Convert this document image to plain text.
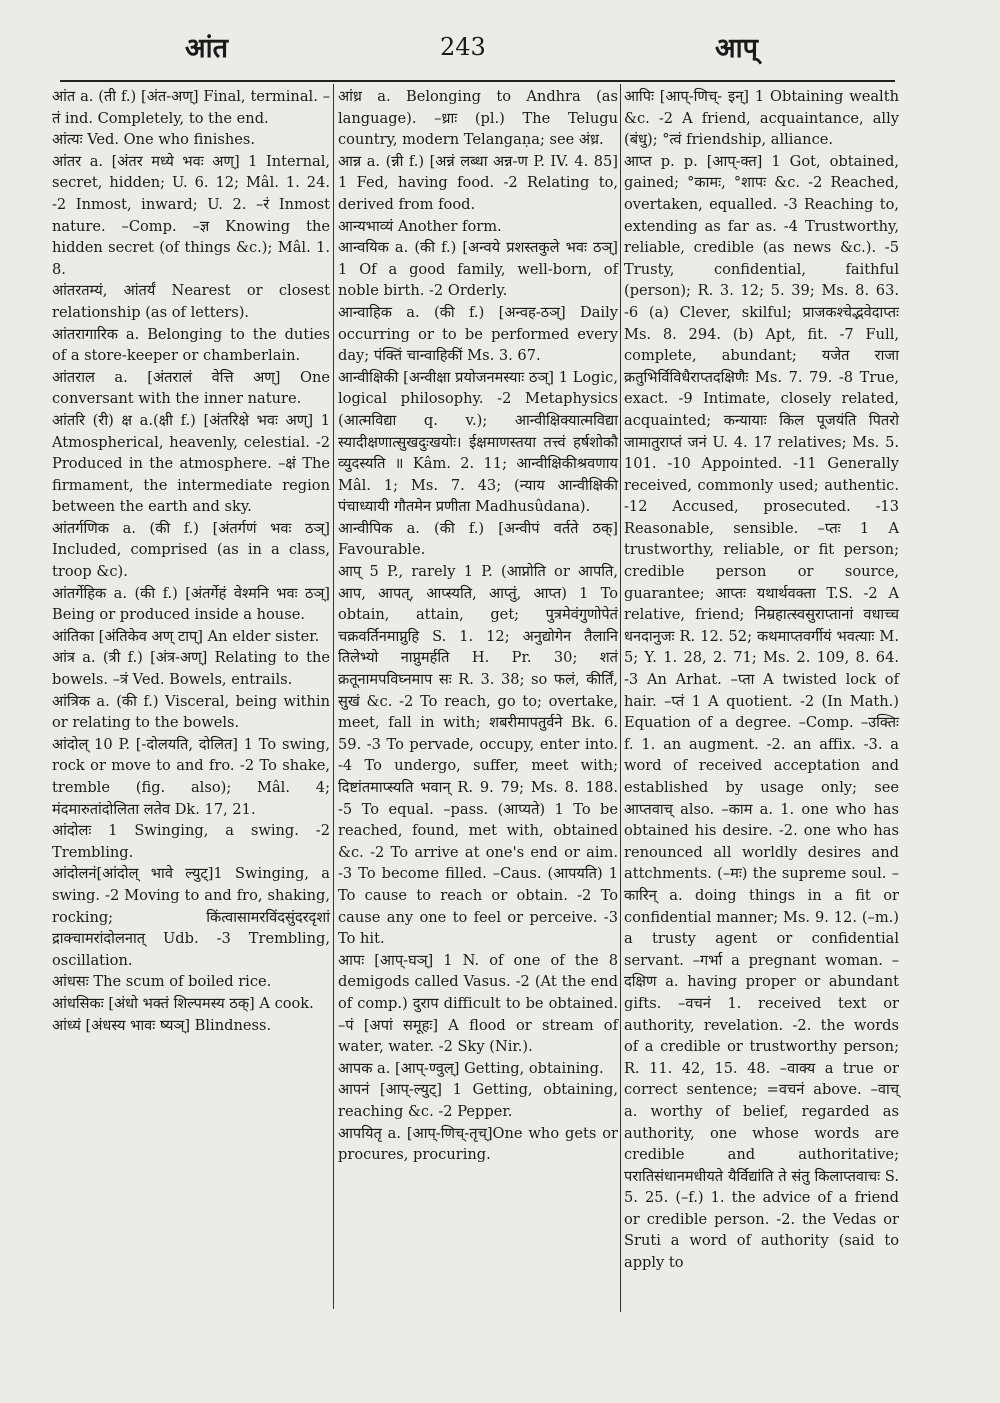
आंत	243	आप्

आंत a. (ती f.) [अंत-अण्] Final, terminal. –तं ind. Completely, to the end.

आंत्यः Ved. One who finishes.

आंतर a. [अंतर मध्ये भवः अण्] 1 Internal, secret, hidden; U. 6. 12; Mâl. 1. 24. -2 Inmost, inward; U. 2. –रं Inmost nature. –Comp. –ज्ञ Knowing the hidden secret (of things &c.); Mâl. 1. 8.

आंतरतम्यं, आंतर्यं Nearest or closest relationship (as of letters).

आंतरागारिक a. Belonging to the duties of a store-keeper or chamberlain.

आंतराल a. [अंतरालं वेत्ति अण्] One conversant with the inner nature.

आंतरि (री) क्ष a.(क्षी f.) [अंतरिक्षे भवः अण्] 1 Atmospherical, heavenly, celestial. -2 Produced in the atmosphere. –क्षं The firmament, the intermediate region between the earth and sky.

आंतर्गणिक a. (की f.) [अंतर्गणं भवः ठञ्] Included, comprised (as in a class, troop &c).

आंतर्गेहिक a. (की f.) [अंतर्गेहं वेश्मनि भवः ठञ्] Being or produced inside a house.

आंतिका [अंतिकेव अण् टाप्] An elder sister.

आंत्र a. (त्री f.) [अंत्र-अण्] Relating to the bowels. –त्रं Ved. Bowels, entrails.

आंत्रिक a. (की f.) Visceral, being within or relating to the bowels.

आंदोल् 10 P. [-दोलयति, दोलित] 1 To swing, rock or move to and fro. -2 To shake, tremble (fig. also); Mâl. 4; मंदमारुतांदोलिता लतेव Dk. 17, 21.

आंदोलः 1 Swinging, a swing. -2 Trembling.

आंदोलनं[आंदोल् भावे ल्युट्]1 Swinging, a swing. -2 Moving to and fro, shaking, rocking; किंत्वासामरविंदसुंदरदृशां द्राक्चामरांदोलनात् Udb. -3 Trembling, oscillation.

आंधसः The scum of boiled rice.

आंधसिकः [अंधो भक्तं शिल्पमस्य ठक्] A cook.

आंध्यं [अंधस्य भावः ष्यञ्] Blindness.

आंध्र a. Belonging to Andhra (as language). –ध्राः (pl.) The Telugu country, modern Telangaṇa; see अंध्र.

आन्न a. (न्नी f.) [अन्नं लब्धा अन्न-ण P. IV. 4. 85] 1 Fed, having food. -2 Relating to, derived from food.

आन्यभाव्यं Another form.

आन्वयिक a. (की f.) [अन्वये प्रशस्तकुले भवः ठञ्] 1 Of a good family, well-born, of noble birth. -2 Orderly.

आन्वाहिक a. (की f.) [अन्वह-ठञ्] Daily occurring or to be performed every day; पंक्तिं चान्वाहिकीं Ms. 3. 67.

आन्वीक्षिकी [अन्वीक्षा प्रयोजनमस्याः ठञ्] 1 Logic, logical philosophy. -2 Metaphysics (आत्मविद्या q. v.); आन्वीक्षिक्यात्मविद्या स्यादीक्षणात्सुखदुःखयोः। ईक्षमाणस्तया तत्त्वं हर्षशोकौ व्युदस्यति ॥ Kâm. 2. 11; आन्वीक्षिकीश्रवणाय Mâl. 1; Ms. 7. 43; (न्याय आन्वीक्षिकी पंचाध्यायी गौतमेन प्रणीता Madhusûdana).

आन्वीपिक a. (की f.) [अन्वीपं वर्तते ठक्] Favourable.

आप् 5 P., rarely 1 P. (आप्नोति or आपति, आप, आपत्, आप्स्यति, आप्तुं, आप्त) 1 To obtain, attain, get; पुत्रमेवंगुणोपेतं चक्रवर्तिनमाप्नुहि S. 1. 12; अनुद्योगेन तैलानि तिलेभ्यो नाप्नुमर्हति H. Pr. 30; शतं क्रतूनामपविघ्नमाप सः R. 3. 38; so फलं, कीर्तिं, सुखं &c. -2 To reach, go to; overtake, meet, fall in with; शबरीमापतुर्वने Bk. 6. 59. -3 To pervade, occupy, enter into. -4 To undergo, suffer, meet with; दिष्टांतमाप्स्यति भवान् R. 9. 79; Ms. 8. 188. -5 To equal. –pass. (आप्यते) 1 To be reached, found, met with, obtained &c. -2 To arrive at one's end or aim. -3 To become filled. –Caus. (आपयति) 1 To cause to reach or obtain. -2 To cause any one to feel or perceive. -3 To hit.

आपः [आप्-घञ्] 1 N. of one of the 8 demigods called Vasus. -2 (At the end of comp.) दुराप difficult to be obtained. –पं [अपां समूहः] A flood or stream of water, water. -2 Sky (Nir.).

आपक a. [आप्-ण्वुल्] Getting, obtaining.

आपनं [आप्-ल्युट्] 1 Getting, obtaining, reaching &c. -2 Pepper.

आपयितृ a. [आप्-णिच्-तृच्]One who gets or procures, procuring.

आपिः [आप्-णिच्- इन्] 1 Obtaining wealth &c. -2 A friend, acquaintance, ally (बंधु); °त्वं friendship, alliance.

आप्त p. p. [आप्-क्त] 1 Got, obtained, gained; °कामः, °शापः &c. -2 Reached, overtaken, equalled. -3 Reaching to, extending as far as. -4 Trustworthy, reliable, credible (as news &c.). -5 Trusty, confidential, faithful (person); R. 3. 12; 5. 39; Ms. 8. 63. -6 (a) Clever, skilful; प्राजकश्चेद्भवेदाप्तः Ms. 8. 294. (b) Apt, fit. -7 Full, complete, abundant; यजेत राजा क्रतुभिर्विविधैराप्तदक्षिणैः Ms. 7. 79. -8 True, exact. -9 Intimate, closely related, acquainted; कन्यायाः किल पूजयंति पितरो जामातुराप्तं जनं U. 4. 17 relatives; Ms. 5. 101. -10 Appointed. -11 Generally received, commonly used; authentic. -12 Accused, prosecuted. -13 Reasonable, sensible. –प्तः 1 A trustworthy, reliable, or fit person; credible person or source, guarantee; आप्तः यथार्थवक्ता T.S. -2 A relative, friend; निम्रहात्स्वसुराप्तानां वधाच्च धनदानुजः R. 12. 52; कथमाप्तवर्गीयं भवत्याः M. 5; Y. 1. 28, 2. 71; Ms. 2. 109, 8. 64. -3 An Arhat. –प्ता A twisted lock of hair. –प्तं 1 A quotient. -2 (In Math.) Equation of a degree. –Comp. –उक्तिः f. 1. an augment. -2. an affix. -3. a word of received acceptation and established by usage only; see आप्तवाच् also. –काम a. 1. one who has obtained his desire. -2. one who has renounced all worldly desires and attchments. (–मः) the supreme soul. –कारिन् a. doing things in a fit or confidential manner; Ms. 9. 12. (–m.) a trusty agent or confidential servant. –गर्भा a pregnant woman. –दक्षिण a. having proper or abundant gifts. –वचनं 1. received text or authority, revelation. -2. the words of a credible or trustworthy person; R. 11. 42, 15. 48. –वाक्य a true or correct sentence; =वचनं above. –वाच् a. worthy of belief, regarded as authority, one whose words are credible and authoritative; परातिसंधानमधीयते यैर्विद्यांति ते संतु किलाप्तवाचः S. 5. 25. (–f.) 1. the advice of a friend or credible person. -2. the Vedas or Sruti a word of authority (said to apply to
